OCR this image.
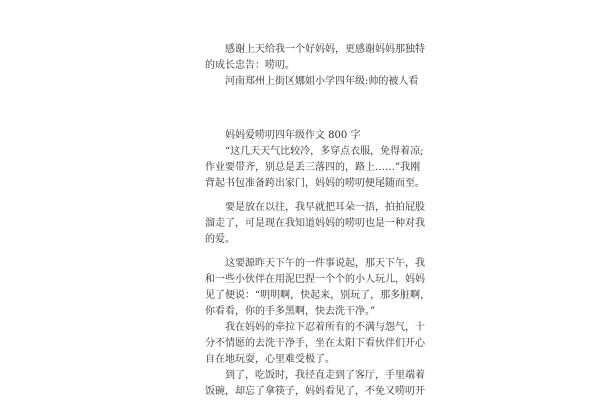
感谢上天给我一个好妈妈，更感谢妈妈那独特

的成长忠告：唠叨。

河南郑州上街区娜姐小学四年级:帅的被人看

妈妈爱唠叨四年级作文 800 字

“这几天天气比较冷，多穿点衣服，免得着凉;

作业要带齐，别总是丢三落四的，路上……”我刚

背起书包准备跨出家门，妈妈的唠叨便尾随而至。

要是放在以往，我早就把耳朵一捂，拍拍屁股

溜走了，可是现在我知道妈妈的唠叨也是一种对我

的爱。

这要源昨天下午的一件事说起，那天下午，我

和一些小伙伴在用泥巴捏一个个的小人玩儿，妈妈

见了便说：“明明啊，快起来，别玩了，那多脏啊，

你看看，你的手多黑啊，快去洗干净。”

我在妈妈的牵拉下忍着所有的不满与怨气，十

分不情愿的去洗干净手，坐在太阳下看伙伴们开心

自在地玩耍，心里难受极了。

到了，吃饭时，我径直走到了客厅，手里端着

饭碗，却忘了拿筷子，妈妈看见了，不免又唠叨开
